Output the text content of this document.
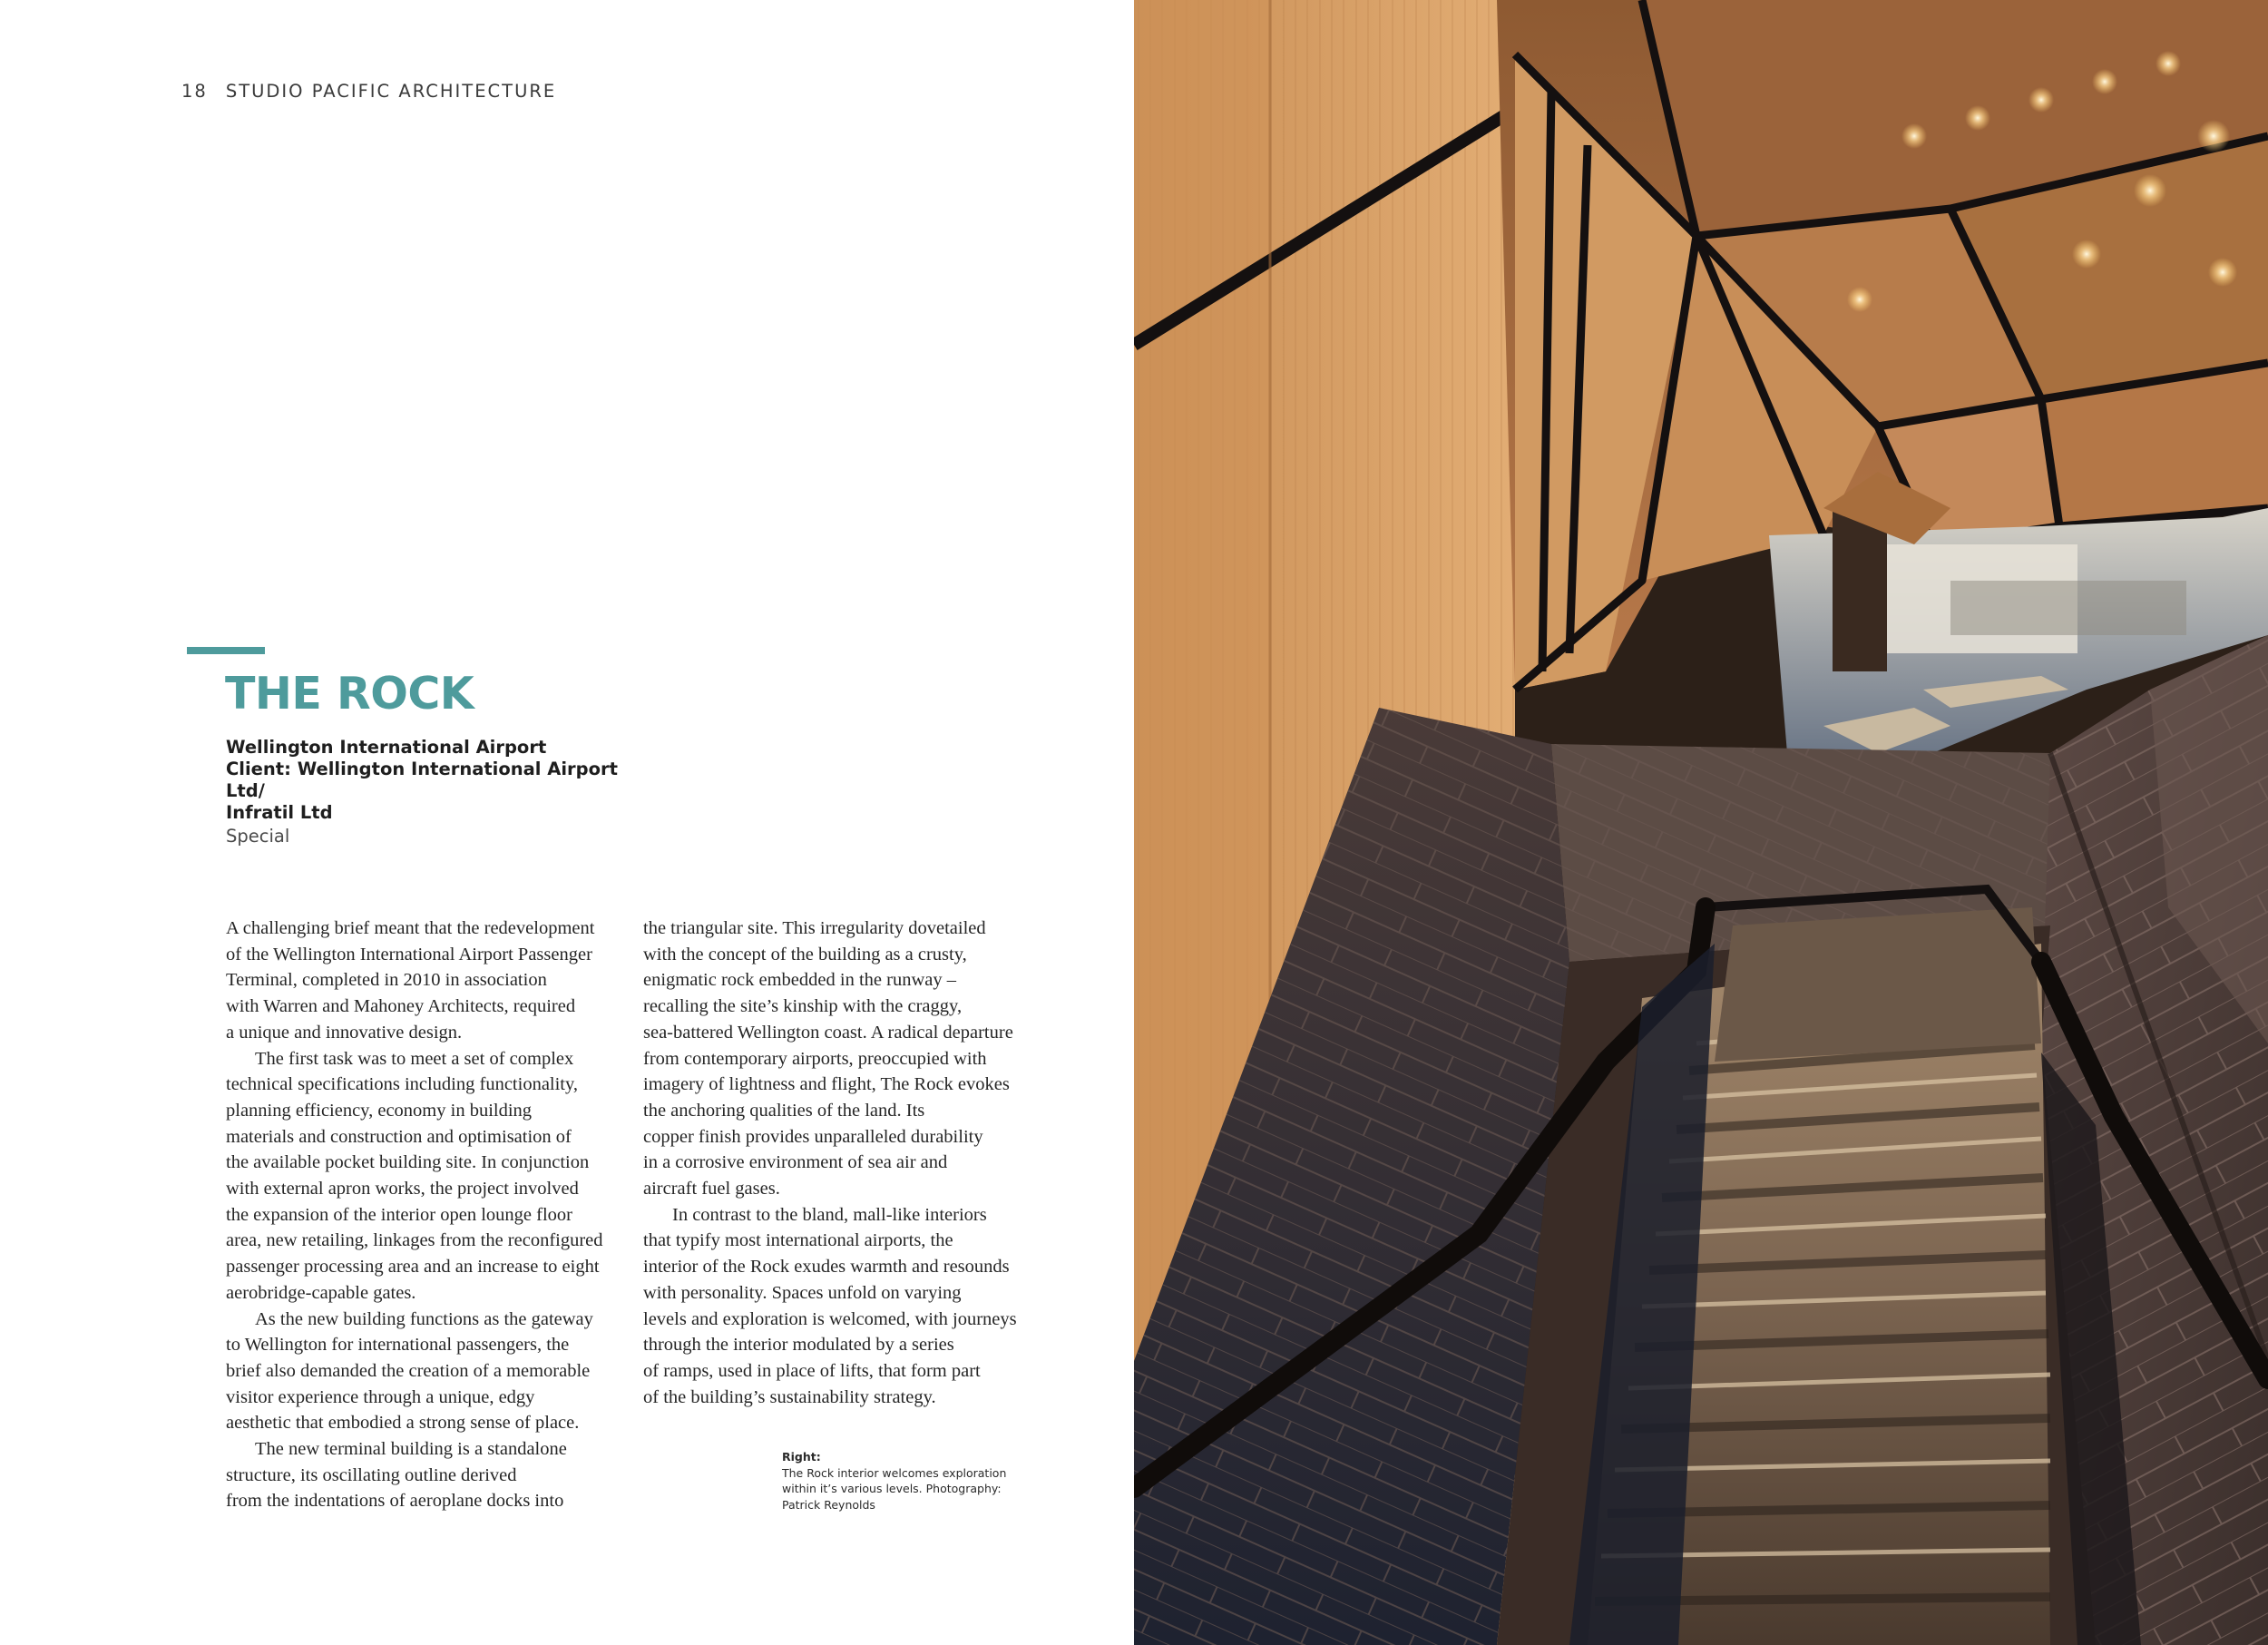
18 STUDIO PACIFIC ARCHITECTURE
THE ROCK
Wellington International Airport
Client: Wellington International Airport Ltd/
Infratil Ltd
Special

A challenging brief meant that the redevelopment
of the Wellington International Airport Passenger
Terminal, completed in 2010 in association
with Warren and Mahoney Architects, required
a unique and innovative design.

The first task was to meet a set of complex
technical specifications including functionality,
planning efficiency, economy in building
materials and construction and optimisation of
the available pocket building site. In conjunction
with external apron works, the project involved
the expansion of the interior open lounge floor
area, new retailing, linkages from the reconfigured
passenger processing area and an increase to eight
aerobridge-capable gates.

As the new building functions as the gateway
to Wellington for international passengers, the
brief also demanded the creation of a memorable
visitor experience through a unique, edgy
aesthetic that embodied a strong sense of place.

The new terminal building is a standalone
structure, its oscillating outline derived
from the indentations of aeroplane docks into

the triangular site. This irregularity dovetailed
with the concept of the building as a crusty,
enigmatic rock embedded in the runway –
recalling the site’s kinship with the craggy,
sea-battered Wellington coast. A radical departure
from contemporary airports, preoccupied with
imagery of lightness and flight, The Rock evokes
the anchoring qualities of the land. Its
copper finish provides unparalleled durability
in a corrosive environment of sea air and
aircraft fuel gases.

In contrast to the bland, mall-like interiors
that typify most international airports, the
interior of the Rock exudes warmth and resounds
with personality. Spaces unfold on varying
levels and exploration is welcomed, with journeys
through the interior modulated by a series
of ramps, used in place of lifts, that form part
of the building’s sustainability strategy.

Right:
The Rock interior welcomes exploration
within it’s various levels. Photography:
Patrick Reynolds
